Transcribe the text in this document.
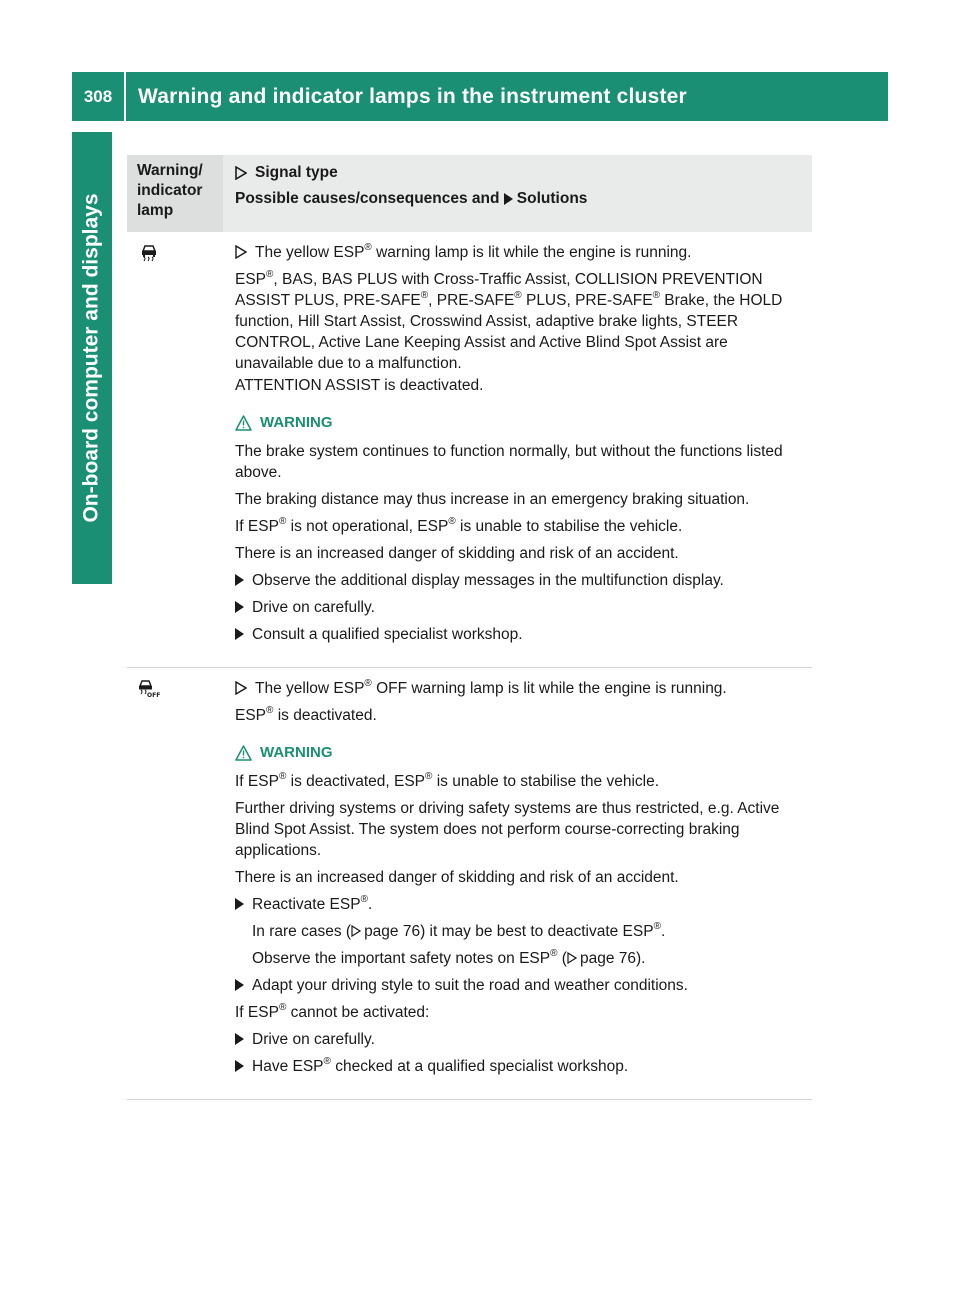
308	Warning and indicator lamps in the instrument cluster
On-board computer and displays
Warning/
indicator
lamp
Signal type
Possible causes/consequences and
Solutions
The yellow ESP® warning lamp is lit while the engine is running.
ESP®, BAS, BAS PLUS with Cross-Traffic Assist, COLLISION PREVENTION ASSIST PLUS, PRE-SAFE®, PRE-SAFE® PLUS, PRE-SAFE® Brake, the HOLD function, Hill Start Assist, Crosswind Assist, adaptive brake lights, STEER CONTROL, Active Lane Keeping Assist and Active Blind Spot Assist are unavailable due to a malfunction.
ATTENTION ASSIST is deactivated.
WARNING
The brake system continues to function normally, but without the functions listed above.
The braking distance may thus increase in an emergency braking situation.
If ESP® is not operational, ESP® is unable to stabilise the vehicle.
There is an increased danger of skidding and risk of an accident.
Observe the additional display messages in the multifunction display.
Drive on carefully.
Consult a qualified specialist workshop.
OFF	The yellow ESP® OFF warning lamp is lit while the engine is running.
ESP® is deactivated.
WARNING
If ESP® is deactivated, ESP® is unable to stabilise the vehicle.
Further driving systems or driving safety systems are thus restricted, e.g. Active Blind Spot Assist. The system does not perform course-correcting braking applications.
There is an increased danger of skidding and risk of an accident.
Reactivate ESP®.
In rare cases ( page 76) it may be best to deactivate ESP®.
Observe the important safety notes on ESP® ( page 76).
Adapt your driving style to suit the road and weather conditions.
If ESP® cannot be activated:
Drive on carefully.
Have ESP® checked at a qualified specialist workshop.
